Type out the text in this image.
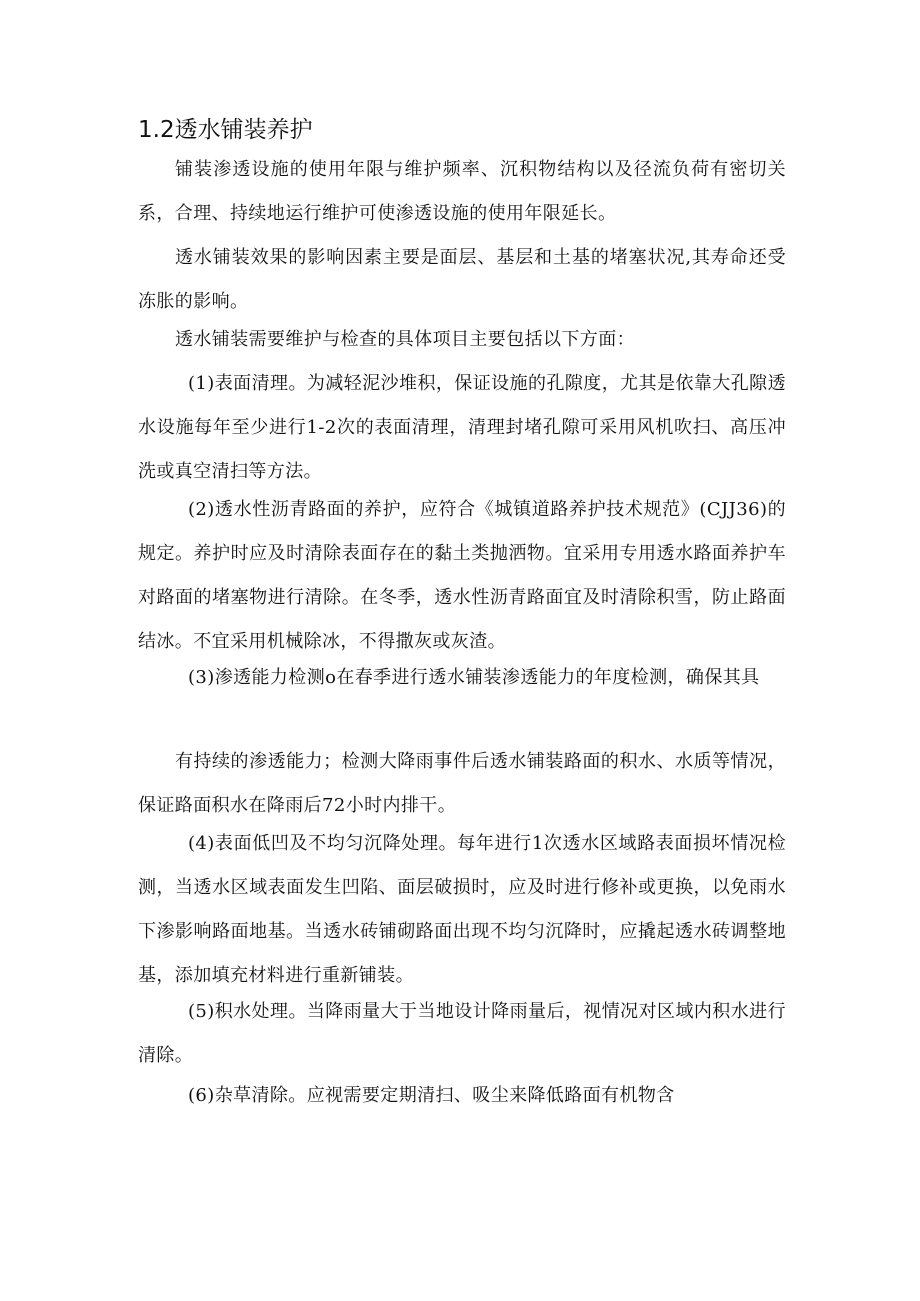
1.2透水铺装养护

铺装渗透设施的使用年限与维护频率、沉积物结构以及径流负荷有密切关系，合理、持续地运行维护可使渗透设施的使用年限延长。

透水铺装效果的影响因素主要是面层、基层和土基的堵塞状况,其寿命还受冻胀的影响。

透水铺装需要维护与检查的具体项目主要包括以下方面：

(1)表面清理。为减轻泥沙堆积，保证设施的孔隙度，尤其是依靠大孔隙透水设施每年至少进行1-2次的表面清理，清理封堵孔隙可采用风机吹扫、高压冲洗或真空清扫等方法。

(2)透水性沥青路面的养护，应符合《城镇道路养护技术规范》(CJJ36)的规定。养护时应及时清除表面存在的黏土类抛洒物。宜采用专用透水路面养护车对路面的堵塞物进行清除。在冬季，透水性沥青路面宜及时清除积雪，防止路面结冰。不宜采用机械除冰，不得撒灰或灰渣。

(3)渗透能力检测o在春季进行透水铺装渗透能力的年度检测，确保其具

有持续的渗透能力；检测大降雨事件后透水铺装路面的积水、水质等情况，保证路面积水在降雨后72小时内排干。

(4)表面低凹及不均匀沉降处理。每年进行1次透水区域路表面损坏情况检测，当透水区域表面发生凹陷、面层破损时，应及时进行修补或更换，以免雨水下渗影响路面地基。当透水砖铺砌路面出现不均匀沉降时，应撬起透水砖调整地基，添加填充材料进行重新铺装。

(5)积水处理。当降雨量大于当地设计降雨量后，视情况对区域内积水进行清除。

(6)杂草清除。应视需要定期清扫、吸尘来降低路面有机物含
